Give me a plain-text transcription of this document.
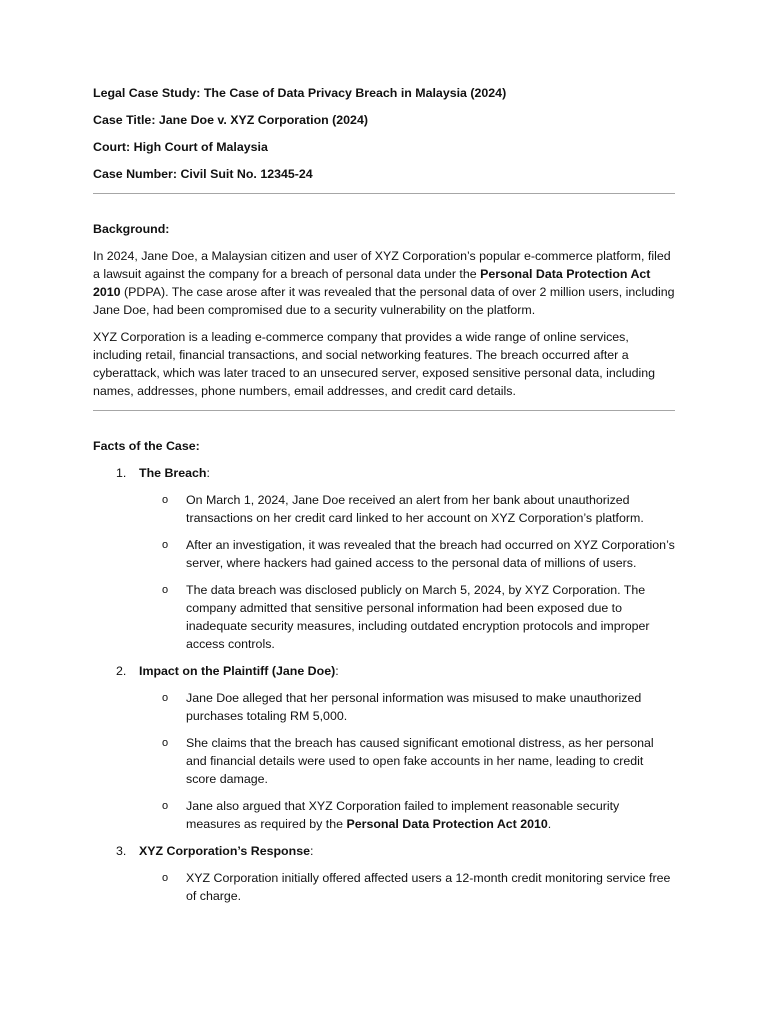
Legal Case Study: The Case of Data Privacy Breach in Malaysia (2024)

Case Title: Jane Doe v. XYZ Corporation (2024)

Court: High Court of Malaysia

Case Number: Civil Suit No. 12345-24

Background:

In 2024, Jane Doe, a Malaysian citizen and user of XYZ Corporation’s popular e-commerce platform, filed a lawsuit against the company for a breach of personal data under the Personal Data Protection Act 2010 (PDPA). The case arose after it was revealed that the personal data of over 2 million users, including Jane Doe, had been compromised due to a security vulnerability on the platform.

XYZ Corporation is a leading e-commerce company that provides a wide range of online services, including retail, financial transactions, and social networking features. The breach occurred after a cyberattack, which was later traced to an unsecured server, exposed sensitive personal data, including names, addresses, phone numbers, email addresses, and credit card details.

Facts of the Case:

1. The Breach:
o On March 1, 2024, Jane Doe received an alert from her bank about unauthorized transactions on her credit card linked to her account on XYZ Corporation’s platform.
o After an investigation, it was revealed that the breach had occurred on XYZ Corporation’s server, where hackers had gained access to the personal data of millions of users.
o The data breach was disclosed publicly on March 5, 2024, by XYZ Corporation. The company admitted that sensitive personal information had been exposed due to inadequate security measures, including outdated encryption protocols and improper access controls.
2. Impact on the Plaintiff (Jane Doe):
o Jane Doe alleged that her personal information was misused to make unauthorized purchases totaling RM 5,000.
o She claims that the breach has caused significant emotional distress, as her personal and financial details were used to open fake accounts in her name, leading to credit score damage.
o Jane also argued that XYZ Corporation failed to implement reasonable security measures as required by the Personal Data Protection Act 2010.
3. XYZ Corporation’s Response:
o XYZ Corporation initially offered affected users a 12-month credit monitoring service free of charge.
